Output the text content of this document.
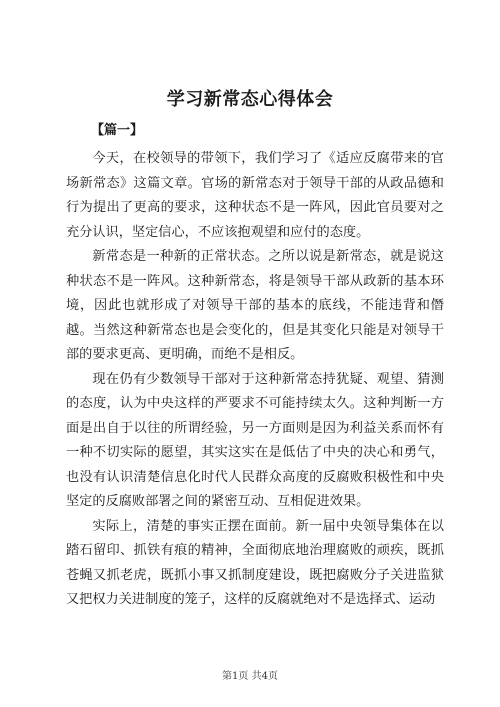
学习新常态心得体会
【篇一】

今天，在校领导的带领下，我们学习了《适应反腐带来的官场新常态》这篇文章。官场的新常态对于领导干部的从政品德和行为提出了更高的要求，这种状态不是一阵风，因此官员要对之充分认识，坚定信心，不应该抱观望和应付的态度。

新常态是一种新的正常状态。之所以说是新常态，就是说这种状态不是一阵风。这种新常态，将是领导干部从政新的基本环境，因此也就形成了对领导干部的基本的底线，不能违背和僭越。当然这种新常态也是会变化的，但是其变化只能是对领导干部的要求更高、更明确，而绝不是相反。

现在仍有少数领导干部对于这种新常态持犹疑、观望、猜测的态度，认为中央这样的严要求不可能持续太久。这种判断一方面是出自于以往的所谓经验，另一方面则是因为利益关系而怀有一种不切实际的愿望，其实这实在是低估了中央的决心和勇气，也没有认识清楚信息化时代人民群众高度的反腐败积极性和中央坚定的反腐败部署之间的紧密互动、互相促进效果。

实际上，清楚的事实正摆在面前。新一届中央领导集体在以踏石留印、抓铁有痕的精神，全面彻底地治理腐败的顽疾，既抓苍蝇又抓老虎，既抓小事又抓制度建设，既把腐败分子关进监狱又把权力关进制度的笼子，这样的反腐就绝对不是选择式、运动

第1页 共4页
